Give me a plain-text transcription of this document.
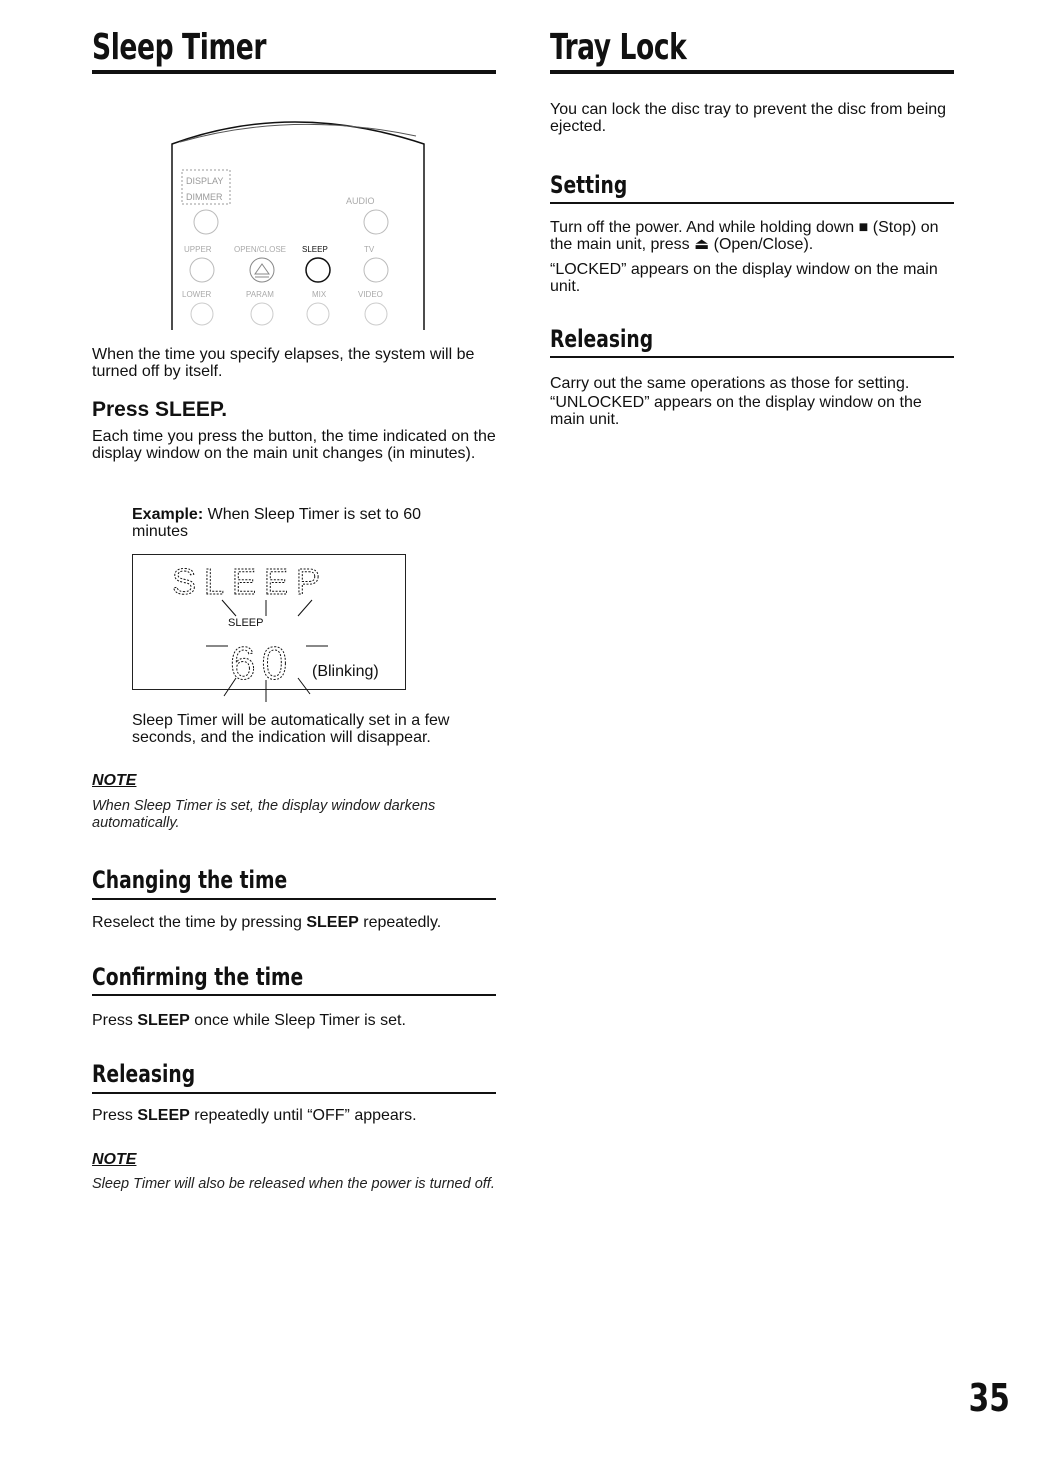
Sleep Timer
DISPLAY
DIMMER	AUDIO
UPPER	OPEN/CLOSE SLEEP	TV
LOWER	PARAM	MIX	VIDEO

When the time you specify elapses, the system will be turned off by itself.

Press SLEEP.

Each time you press the button, the time indicated on the display window on the main unit changes (in minutes).

Example: When Sleep Timer is set to 60 minutes

SLEEP
SLEEP
60 (Blinking)

Sleep Timer will be automatically set in a few seconds, and the indication will disappear.

NOTE

When Sleep Timer is set, the display window darkens automatically.

Changing the time

Reselect the time by pressing SLEEP repeatedly.

Confirming the time

Press SLEEP once while Sleep Timer is set.

Releasing

Press SLEEP repeatedly until “OFF” appears.

NOTE

Sleep Timer will also be released when the power is turned off.

Tray Lock

You can lock the disc tray to prevent the disc from being ejected.

Setting

Turn off the power. And while holding down ■ (Stop) on the main unit, press ⏏ (Open/Close).

“LOCKED” appears on the display window on the main unit.

Releasing

Carry out the same operations as those for setting.

“UNLOCKED” appears on the display window on the main unit.

35
